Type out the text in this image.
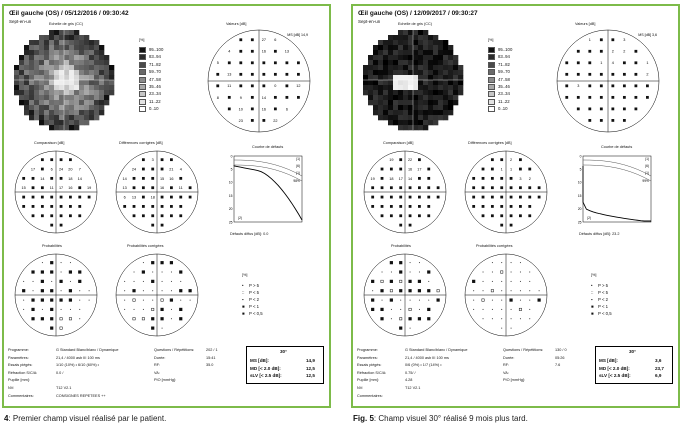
Œil gauche (OS) / 05/12/2016 / 09:30:42
Sept-en-un	Echelle de gris (CC)
[%]
95..100
83..94
71..82
59..70
47..58
35..46
23..34
11..22
0..10
Valeurs [dB]
27 6
4	16	13
5
13
11	0	12
8	9	14
10	16	6
23	22
MS [dB] 14,9
Comparaison [dB]
17	6 24 20 7
14	18 14
15	11 17 16	19
Différences corrigées [dB]
3
24	21 4
14	15 16
13	16	11
6 13	18
Courbe de défauts
0
5
10
15
20
25
(1)
(6)
(1)
(2)
98%
Défauts diffus [dB]: 0.0
Probabilités	Probabilités corrigées
[%]
• P > 5
:: P < 5
▪ P < 2
■ P < 1
■ P < 0,5
Programme:	G Standard Blanc/blanc / Dynamique
Paramètres:	21,4 / 4000 asb III 100 ms
Essais piégés:	1/10 (10%) • 6/10 (60%) •
Réfraction S/C/A:	0.0 /
Pupille [mm]:
NV:	T12 V2.1
Commentaires:	CONSIGNES REPETEES ++
Questions / Répétitions:	202 / 1
Durée:	15:41
RF:	35.0
VA:
PIO [mmHg]:
30°
MS [dB]:	14,9
MD [< 2.0 dB]:	12,5
sLV [< 2.5 dB]:	12,5
4: Premier champ visuel réalisé par le patient.
Œil gauche (OS) / 12/09/2017 / 09:30:27
Sept-en-un	Echelle de gris (CC)
[%]
95..100
83..94
71..82
59..70
47..58
35..46
23..34
11..22
0..10
Valeurs [dB]
1	3
2 2
1 4	1
2
3
MS [dB] 3,6
Comparaison [dB]
19	22
16 17
19	18 17 14
Différences corrigées [dB]
2
1 1
3 2
Courbe de défauts
0
5
10
15
20
25
(1)
(6)
(1)
(2)
99%
Défauts diffus [dB]: 23.2
Probabilités	Probabilités corrigées
[%]
• P > 5
:: P < 5
▪ P < 2
■ P < 1
■ P < 0,5
Programme:	G Standard Blanc/blanc / Dynamique
Paramètres:	21,4 / 4000 asb III 100 ms
Essais piégés:	0/6 (0%) • 1/7 (14%) •
Réfraction S/C/A:	0.75/ /
Pupille [mm]:	4.28
NV:	T12 V2.1
Commentaires:
Questions / Répétitions:	130 / 0
Durée:	05:26
RF:	7.6
VA:
PIO [mmHg]:
30°
MS [dB]:	3,6
MD [< 2.0 dB]:	23,7
sLV [< 2.5 dB]:	6,9
Fig. 5: Champ visuel 30° réalisé 9 mois plus tard.
